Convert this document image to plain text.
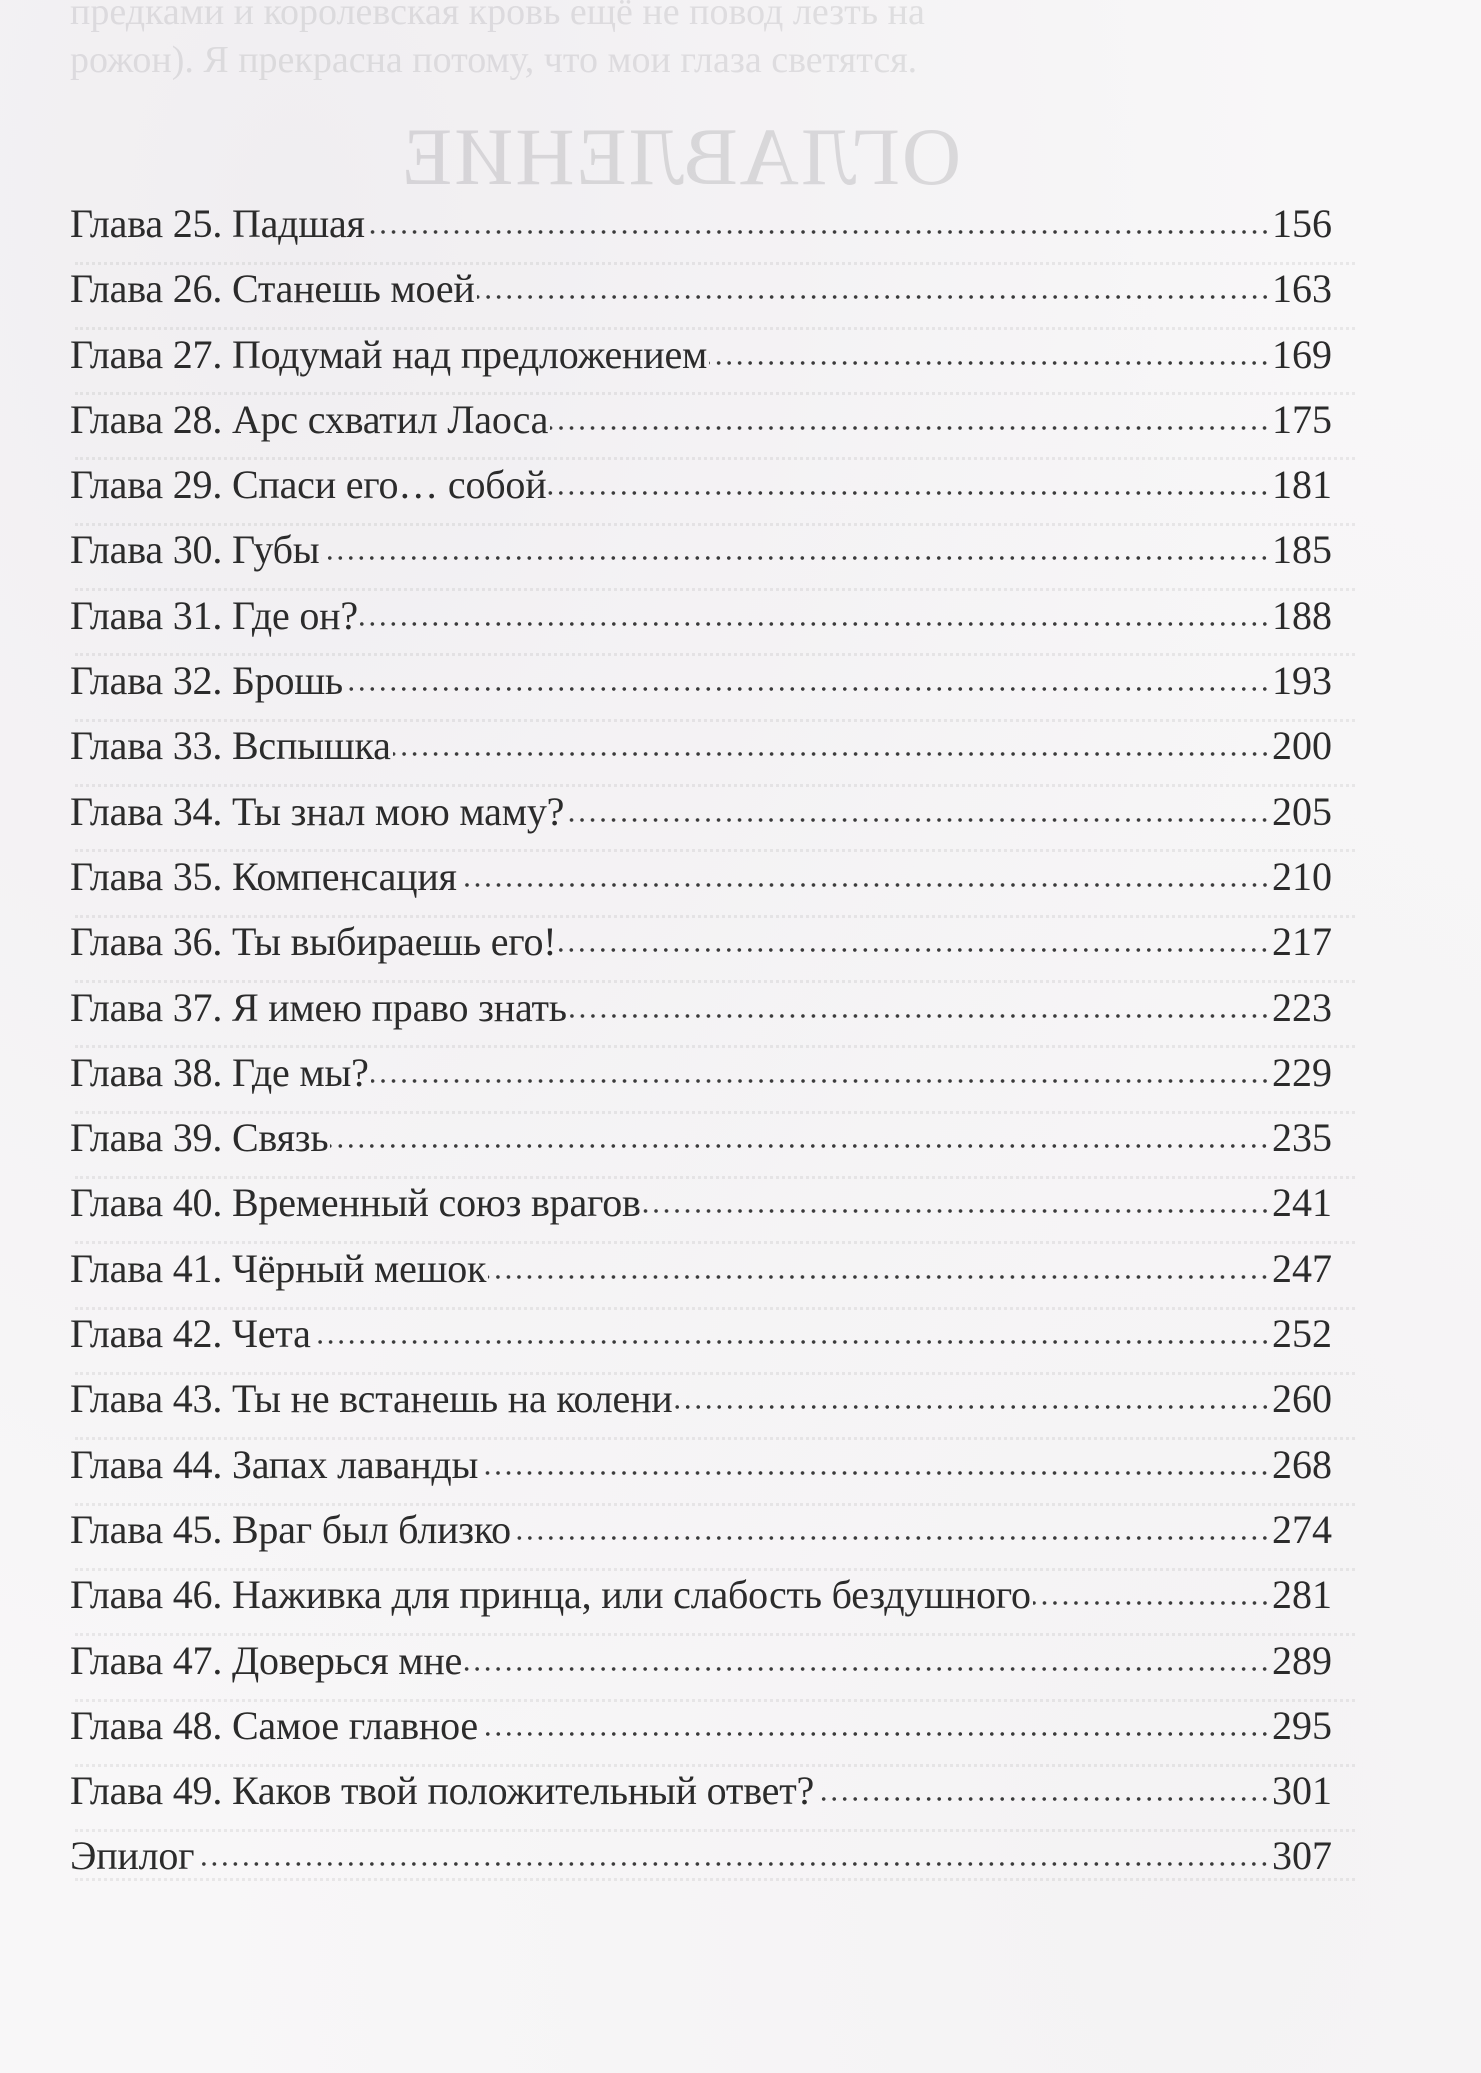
предками и королевская кровь ещё не повод лезть на
рожон). Я прекрасна потому, что мои глаза светятся.
ОГЛАВЛЕНИЕ
Глава 25. Падшая	156
Глава 26. Станешь моей	163
Глава 27. Подумай над предложением	169
Глава 28. Арс схватил Лаоса	175
Глава 29. Спаси его… собой	181
Глава 30. Губы	185
Глава 31. Где он?	188
Глава 32. Брошь	193
Глава 33. Вспышка	200
Глава 34. Ты знал мою маму?	205
Глава 35. Компенсация	210
Глава 36. Ты выбираешь его!	217
Глава 37. Я имею право знать	223
Глава 38. Где мы?	229
Глава 39. Связь	235
Глава 40. Временный союз врагов	241
Глава 41. Чёрный мешок	247
Глава 42. Чета	252
Глава 43. Ты не встанешь на колени	260
Глава 44. Запах лаванды	268
Глава 45. Враг был близко	274
Глава 46. Наживка для принца, или слабость бездушного	281
Глава 47. Доверься мне	289
Глава 48. Самое главное	295
Глава 49. Каков твой положительный ответ?	301
Эпилог	307
